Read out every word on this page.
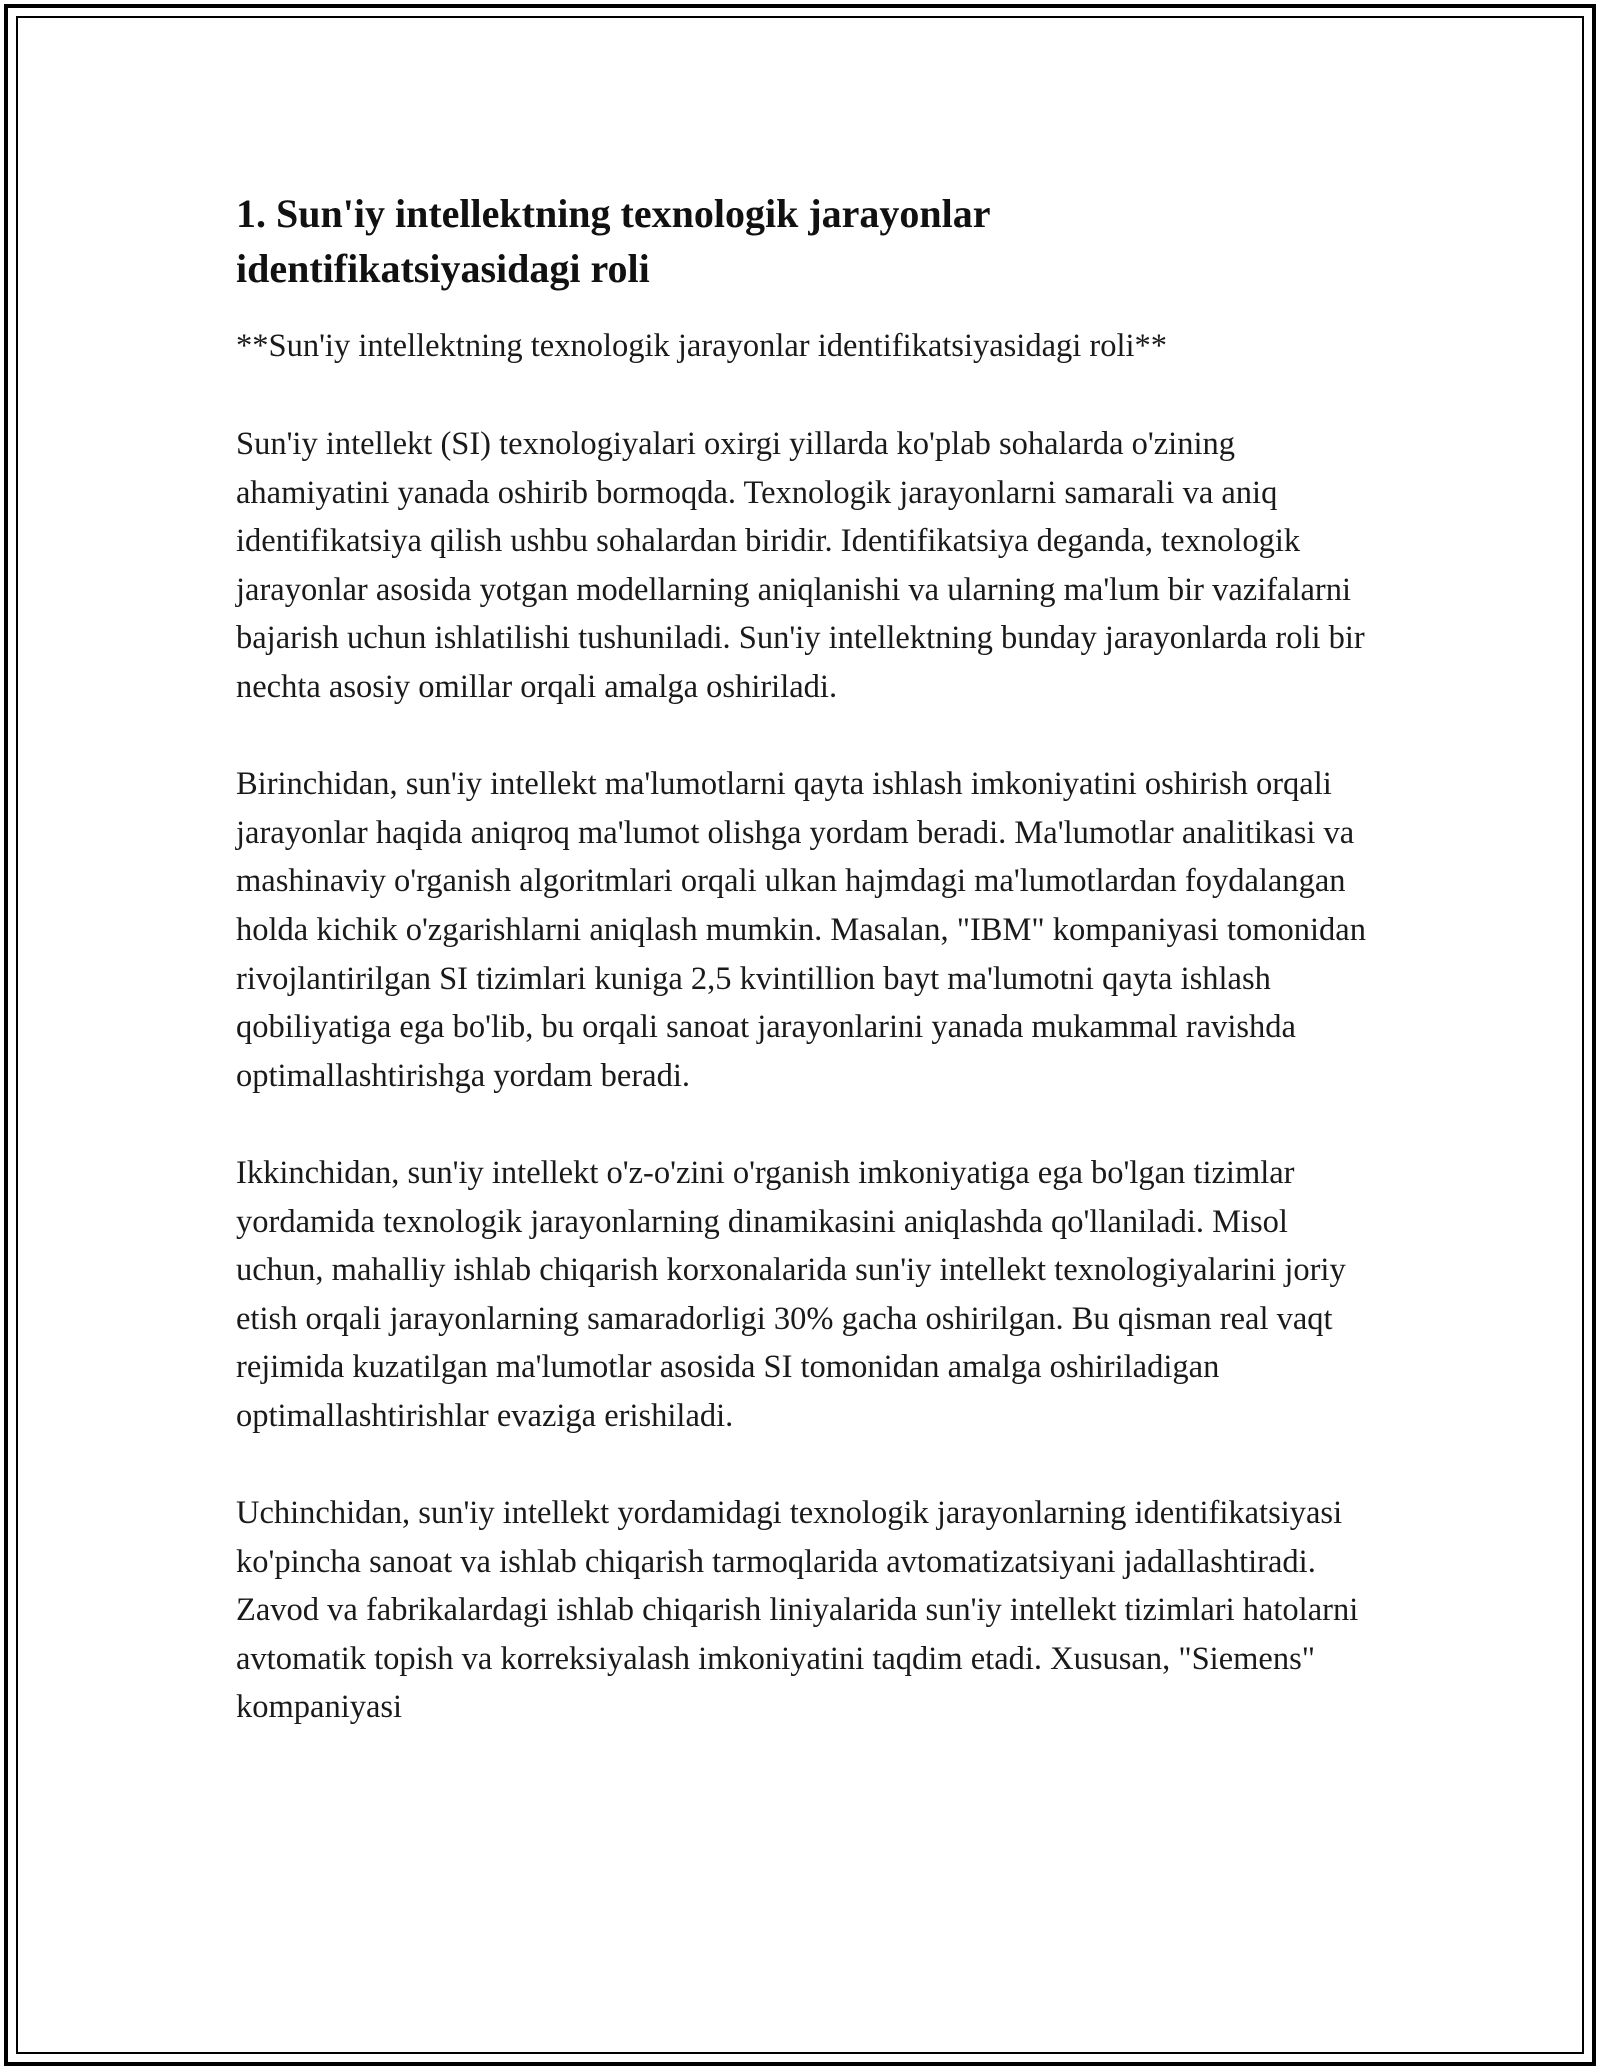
1. Sun'iy intellektning texnologik jarayonlar identifikatsiyasidagi roli

**Sun'iy intellektning texnologik jarayonlar identifikatsiyasidagi roli**

Sun'iy intellekt (SI) texnologiyalari oxirgi yillarda ko'plab sohalarda o'zining ahamiyatini yanada oshirib bormoqda. Texnologik jarayonlarni samarali va aniq identifikatsiya qilish ushbu sohalardan biridir. Identifikatsiya deganda, texnologik jarayonlar asosida yotgan modellarning aniqlanishi va ularning ma'lum bir vazifalarni bajarish uchun ishlatilishi tushuniladi. Sun'iy intellektning bunday jarayonlarda roli bir nechta asosiy omillar orqali amalga oshiriladi.

Birinchidan, sun'iy intellekt ma'lumotlarni qayta ishlash imkoniyatini oshirish orqali jarayonlar haqida aniqroq ma'lumot olishga yordam beradi. Ma'lumotlar analitikasi va mashinaviy o'rganish algoritmlari orqali ulkan hajmdagi ma'lumotlardan foydalangan holda kichik o'zgarishlarni aniqlash mumkin. Masalan, "IBM" kompaniyasi tomonidan rivojlantirilgan SI tizimlari kuniga 2,5 kvintillion bayt ma'lumotni qayta ishlash qobiliyatiga ega bo'lib, bu orqali sanoat jarayonlarini yanada mukammal ravishda optimallashtirishga yordam beradi.

Ikkinchidan, sun'iy intellekt o'z-o'zini o'rganish imkoniyatiga ega bo'lgan tizimlar yordamida texnologik jarayonlarning dinamikasini aniqlashda qo'llaniladi. Misol uchun, mahalliy ishlab chiqarish korxonalarida sun'iy intellekt texnologiyalarini joriy etish orqali jarayonlarning samaradorligi 30% gacha oshirilgan. Bu qisman real vaqt rejimida kuzatilgan ma'lumotlar asosida SI tomonidan amalga oshiriladigan optimallashtirishlar evaziga erishiladi.

Uchinchidan, sun'iy intellekt yordamidagi texnologik jarayonlarning identifikatsiyasi ko'pincha sanoat va ishlab chiqarish tarmoqlarida avtomatizatsiyani jadallashtiradi. Zavod va fabrikalardagi ishlab chiqarish liniyalarida sun'iy intellekt tizimlari hatolarni avtomatik topish va korreksiyalash imkoniyatini taqdim etadi. Xususan, "Siemens" kompaniyasi
